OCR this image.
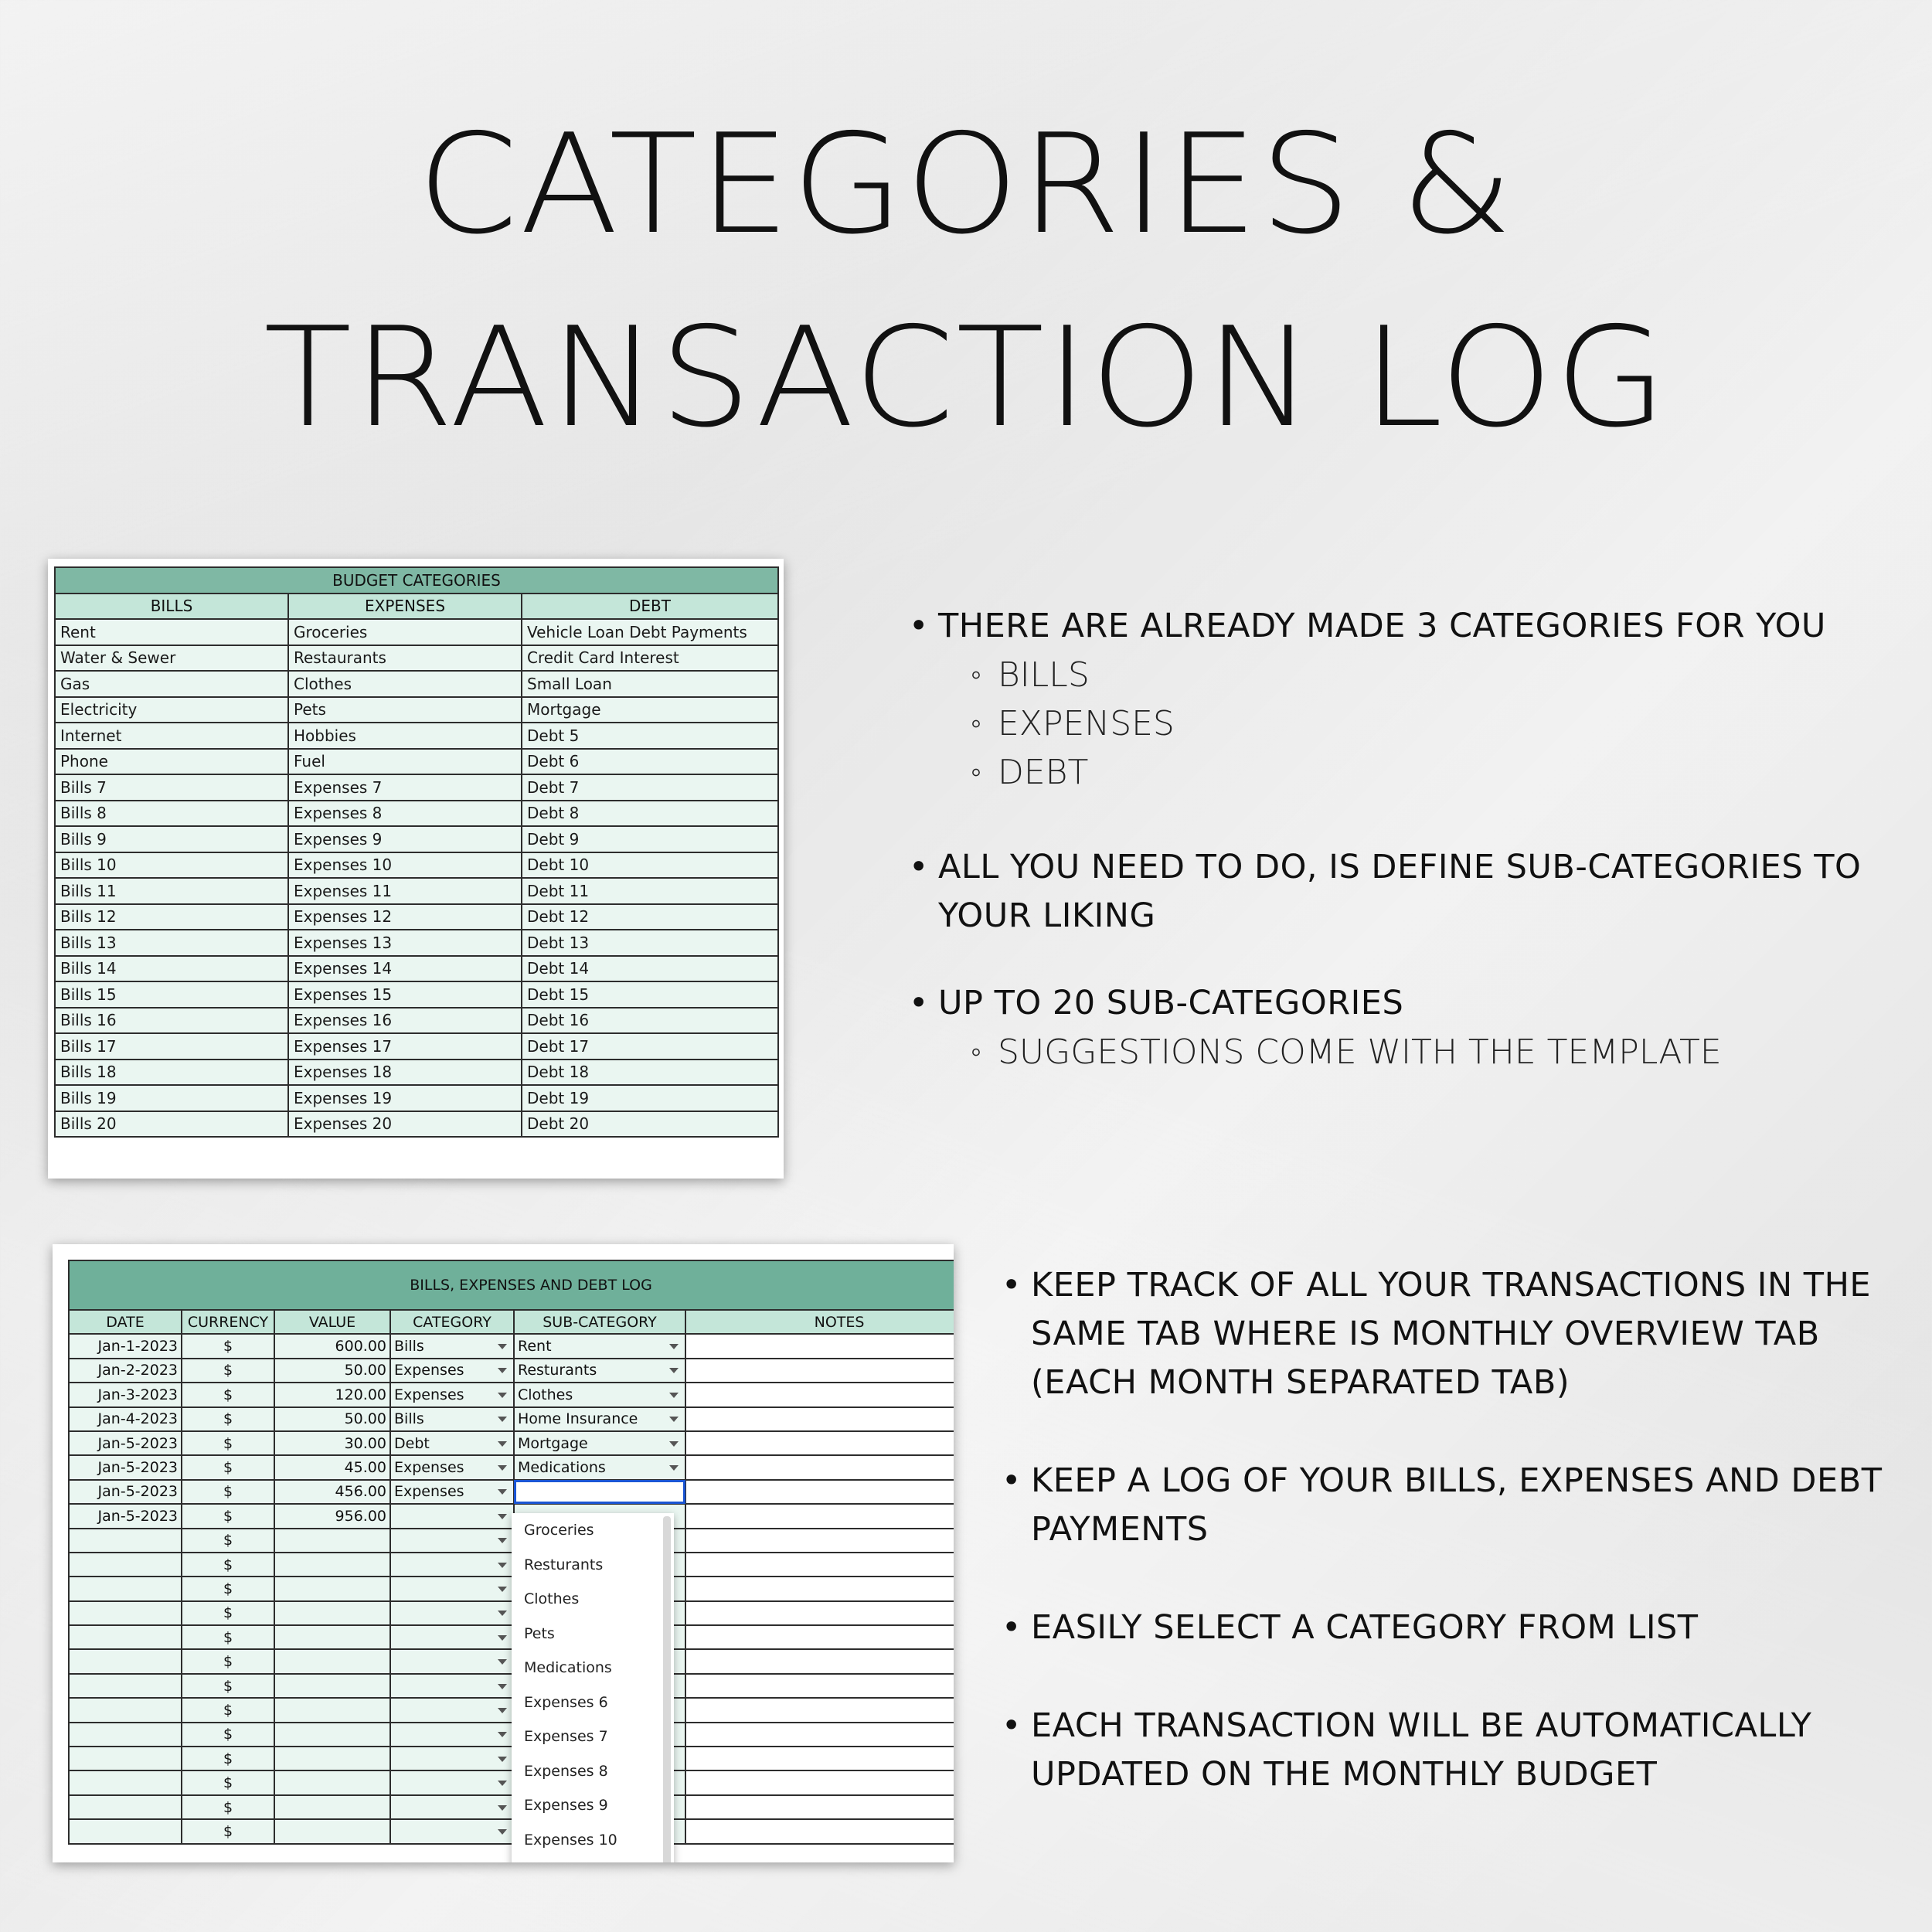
CATEGORIES &
TRANSACTION LOG
BUDGET CATEGORIES		
BILLS	EXPENSES	DEBT
Rent	Groceries	Vehicle Loan Debt Payments
Water & Sewer	Restaurants	Credit Card Interest
Gas	Clothes	Small Loan
Electricity	Pets	Mortgage
Internet	Hobbies	Debt 5
Phone	Fuel	Debt 6
Bills 7	Expenses 7	Debt 7
Bills 8	Expenses 8	Debt 8
Bills 9	Expenses 9	Debt 9
Bills 10	Expenses 10	Debt 10
Bills 11	Expenses 11	Debt 11
Bills 12	Expenses 12	Debt 12
Bills 13	Expenses 13	Debt 13
Bills 14	Expenses 14	Debt 14
Bills 15	Expenses 15	Debt 15
Bills 16	Expenses 16	Debt 16
Bills 17	Expenses 17	Debt 17
Bills 18	Expenses 18	Debt 18
Bills 19	Expenses 19	Debt 19
Bills 20	Expenses 20	Debt 20
BILLS, EXPENSES AND DEBT LOG					
DATE	CURRENCY	VALUE	CATEGORY	SUB-CATEGORY	NOTES
Jan-1-2023	$	600.00	Bills	Rent

Jan-2-2023	$	50.00	Expenses	Resturants

Jan-3-2023	$	120.00	Expenses	Clothes

Jan-4-2023	$	50.00	Bills	Home Insurance

Jan-5-2023	$	30.00	Debt	Mortgage

Jan-5-2023	$	45.00	Expenses	Medications

Jan-5-2023	$	456.00	Expenses

Jan-5-2023	$	956.00	

	$		

	$		

	$		

	$		

	$		

	$		

	$		

	$		

	$		

	$		

	$		

	$		

	$		

Groceries
Resturants
Clothes
Pets
Medications
Expenses 6
Expenses 7
Expenses 8
Expenses 9
Expenses 10
• THERE ARE ALREADY MADE 3 CATEGORIES FOR YOU
◦ BILLS
◦ EXPENSES
◦ DEBT
• ALL YOU NEED TO DO, IS DEFINE SUB-CATEGORIES TO YOUR LIKING
• UP TO 20 SUB-CATEGORIES
◦ SUGGESTIONS COME WITH THE TEMPLATE
• KEEP TRACK OF ALL YOUR TRANSACTIONS IN THE SAME TAB WHERE IS MONTHLY OVERVIEW TAB (EACH MONTH SEPARATED TAB)
• KEEP A LOG OF YOUR BILLS, EXPENSES AND DEBT PAYMENTS
• EASILY SELECT A CATEGORY FROM LIST
• EACH TRANSACTION WILL BE AUTOMATICALLY UPDATED ON THE MONTHLY BUDGET
